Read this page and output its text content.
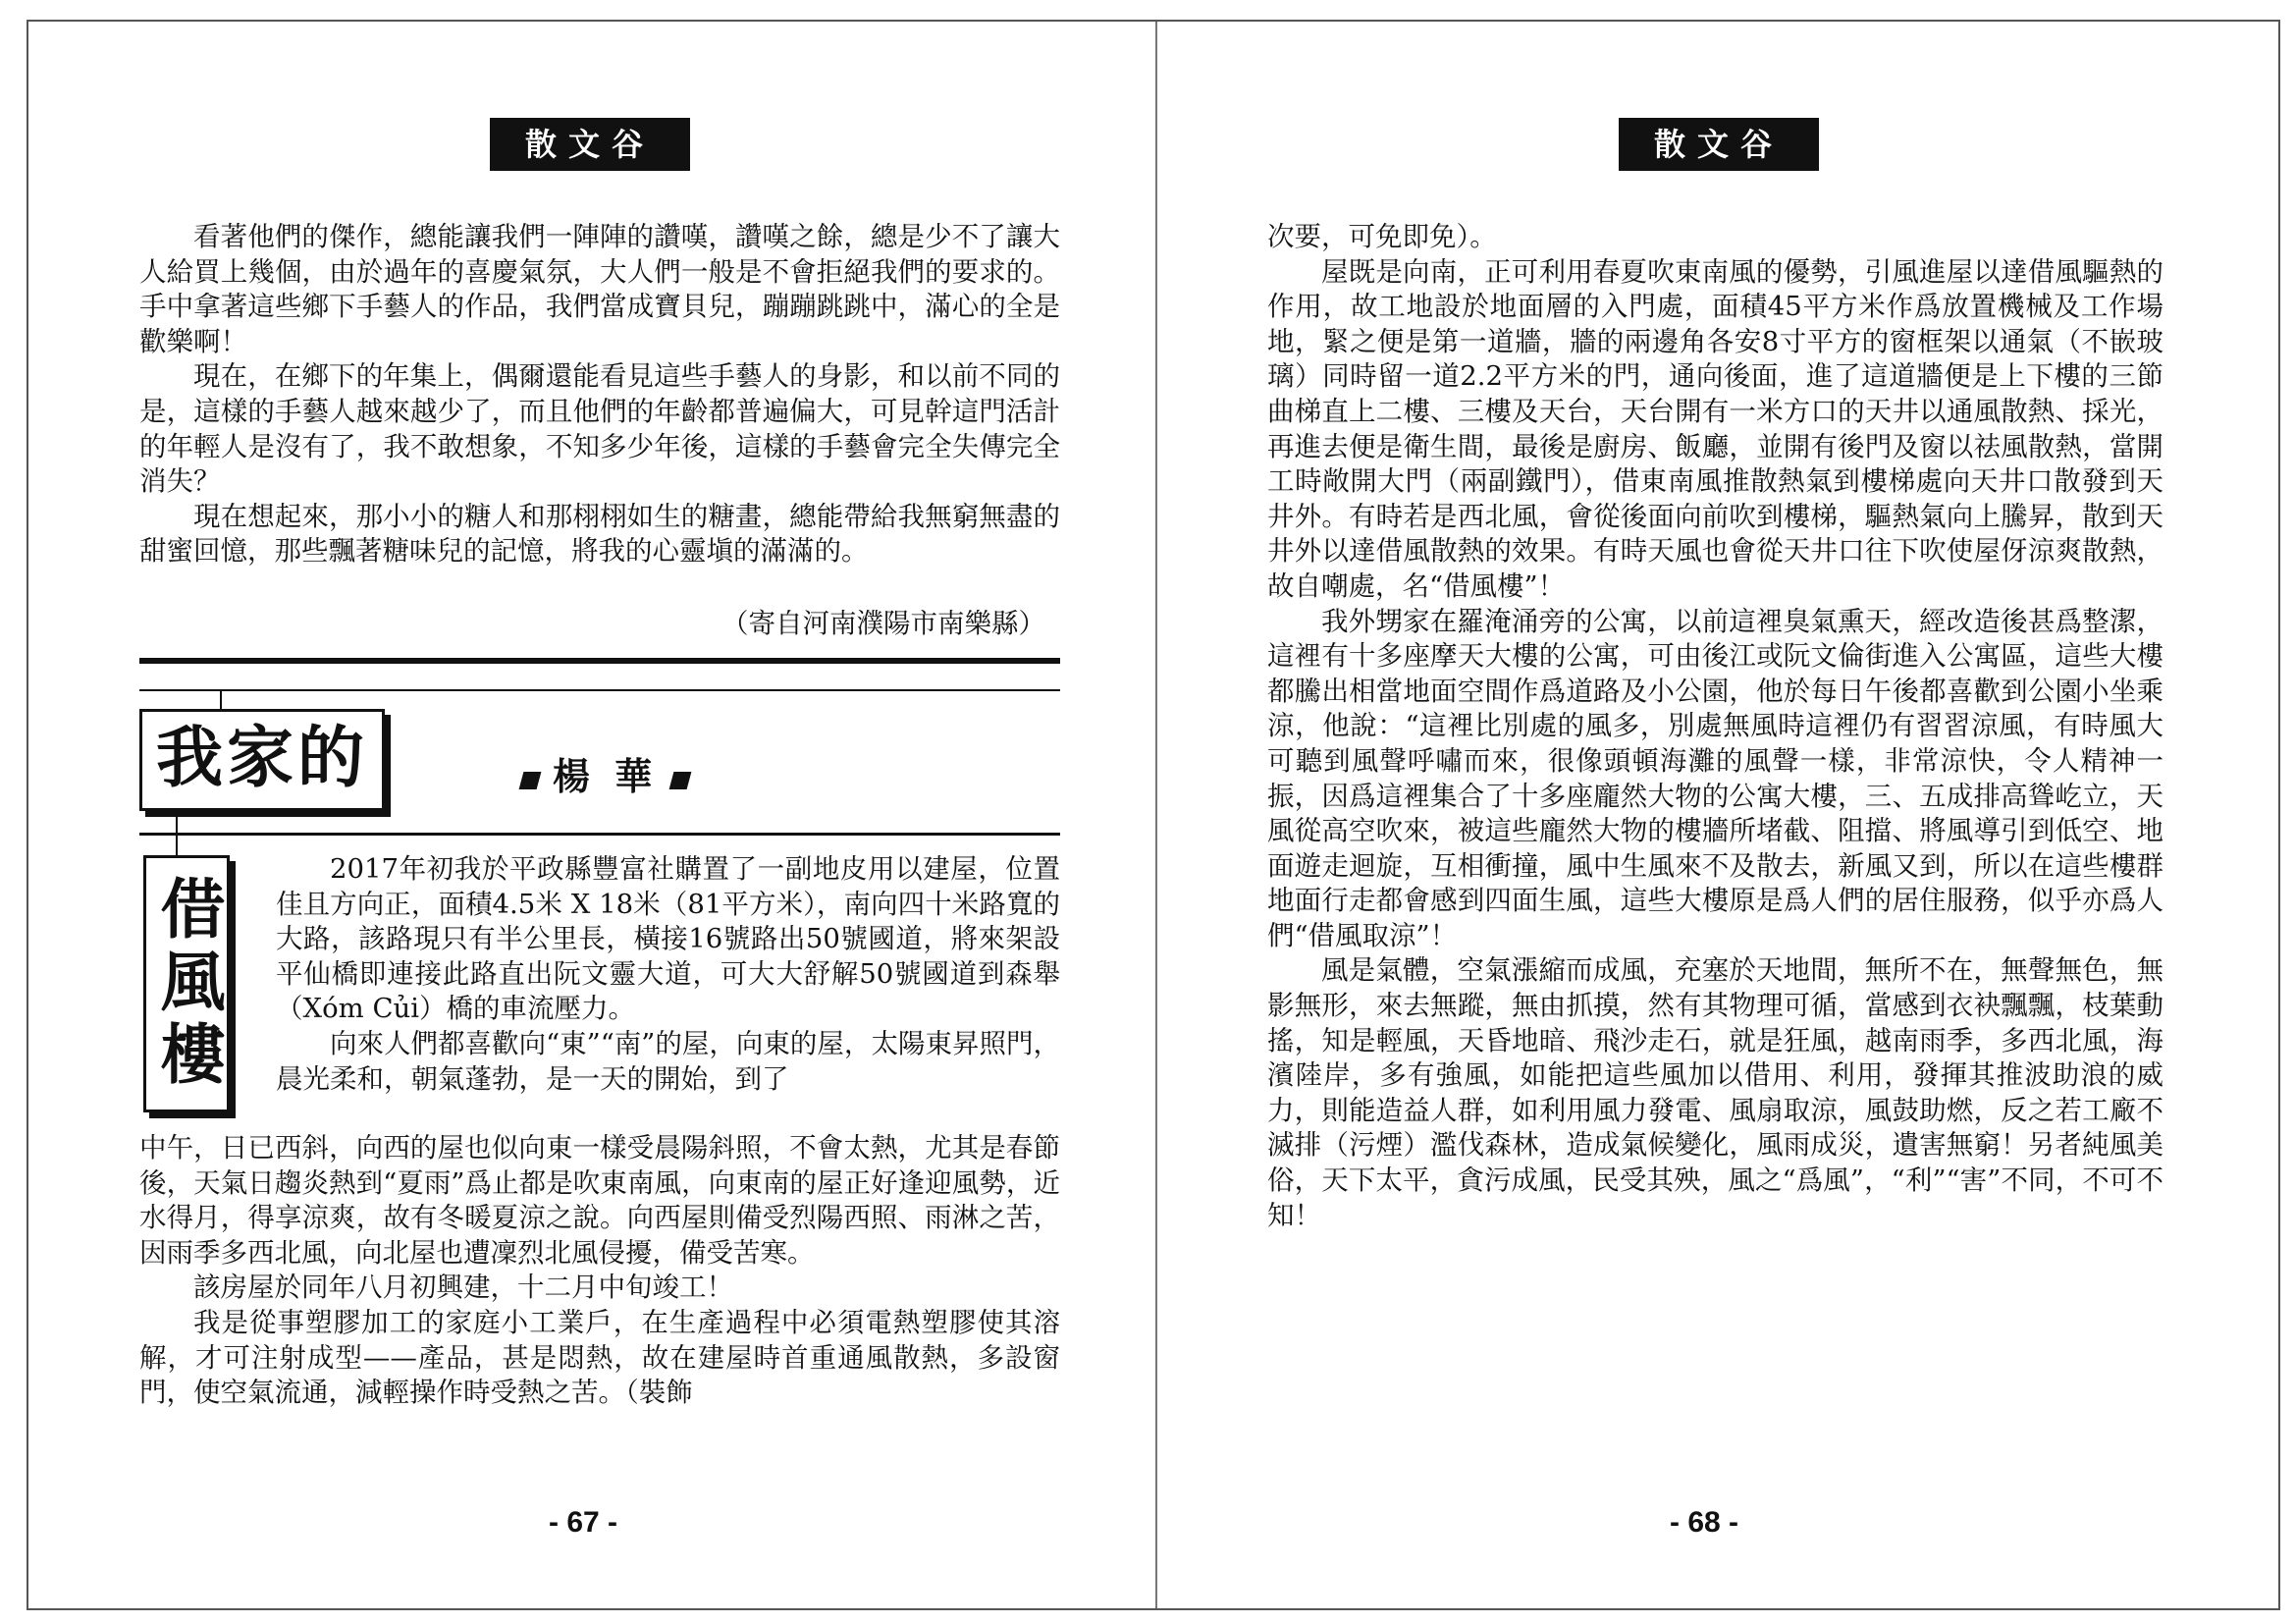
散文谷

看著他們的傑作，總能讓我們一陣陣的讚嘆，讚嘆之餘，總是少不了讓大人給買上幾個，由於過年的喜慶氣氛，大人們一般是不會拒絕我們的要求的。手中拿著這些鄉下手藝人的作品，我們當成寶貝兒，蹦蹦跳跳中，滿心的全是歡樂啊！

現在，在鄉下的年集上，偶爾還能看見這些手藝人的身影，和以前不同的是，這樣的手藝人越來越少了，而且他們的年齡都普遍偏大，可見幹這門活計的年輕人是沒有了，我不敢想象，不知多少年後，這樣的手藝會完全失傳完全消失？

現在想起來，那小小的糖人和那栩栩如生的糖畫，總能帶給我無窮無盡的甜蜜回憶，那些飄著糖味兒的記憶，將我的心靈塡的滿滿的。

（寄自河南濮陽市南樂縣）
我家的	楊 華
借風樓

2017年初我於平政縣豐富社購置了一副地皮用以建屋，位置佳且方向正，面積4.5米 X 18米（81平方米），南向四十米路寬的大路，該路現只有半公里長，橫接16號路出50號國道，將來架設平仙橋即連接此路直出阮文靈大道，可大大舒解50號國道到森舉（Xóm Củi）橋的車流壓力。

向來人們都喜歡向“東”“南”的屋，向東的屋，太陽東昇照門，晨光柔和，朝氣蓬勃，是一天的開始，到了

中午，日已西斜，向西的屋也似向東一樣受晨陽斜照，不會太熱，尤其是春節後，天氣日趨炎熱到“夏雨”爲止都是吹東南風，向東南的屋正好逢迎風勢，近水得月，得享涼爽，故有冬暖夏涼之說。向西屋則備受烈陽西照、雨淋之苦，因雨季多西北風，向北屋也遭凜烈北風侵擾，備受苦寒。

該房屋於同年八月初興建，十二月中旬竣工！

我是從事塑膠加工的家庭小工業戶，在生產過程中必須電熱塑膠使其溶解，才可注射成型——產品，甚是悶熱，故在建屋時首重通風散熱，多設窗門，使空氣流通，減輕操作時受熱之苦。（裝飾

- 67 -
散文谷

次要，可免即免）。

屋既是向南，正可利用春夏吹東南風的優勢，引風進屋以達借風驅熱的作用，故工地設於地面層的入門處，面積45平方米作爲放置機械及工作場地，緊之便是第一道牆，牆的兩邊角各安8寸平方的窗框架以通氣（不嵌玻璃）同時留一道2.2平方米的門，通向後面，進了這道牆便是上下樓的三節曲梯直上二樓、三樓及天台，天台開有一米方口的天井以通風散熱、採光，再進去便是衛生間，最後是廚房、飯廳，並開有後門及窗以祛風散熱，當開工時敞開大門（兩副鐵門），借東南風推散熱氣到樓梯處向天井口散發到天井外。有時若是西北風，會從後面向前吹到樓梯，驅熱氣向上騰昇，散到天井外以達借風散熱的效果。有時天風也會從天井口往下吹使屋伢涼爽散熱，故自嘲處，名“借風樓”！

我外甥家在羅淹涌旁的公寓，以前這裡臭氣熏天，經改造後甚爲整潔，這裡有十多座摩天大樓的公寓，可由後江或阮文倫街進入公寓區，這些大樓都騰出相當地面空間作爲道路及小公園，他於每日午後都喜歡到公園小坐乘涼，他說：“這裡比別處的風多，別處無風時這裡仍有習習涼風，有時風大可聽到風聲呼嘯而來，很像頭頓海灘的風聲一樣，非常涼快，令人精神一振，因爲這裡集合了十多座龐然大物的公寓大樓，三、五成排高聳屹立，天風從高空吹來，被這些龐然大物的樓牆所堵截、阻擋、將風導引到低空、地面遊走迴旋，互相衝撞，風中生風來不及散去，新風又到，所以在這些樓群地面行走都會感到四面生風，這些大樓原是爲人們的居住服務，似乎亦爲人們“借風取涼”！

風是氣體，空氣漲縮而成風，充塞於天地間，無所不在，無聲無色，無影無形，來去無蹤，無由抓摸，然有其物理可循，當感到衣袂飄飄，枝葉動搖，知是輕風，天昏地暗、飛沙走石，就是狂風，越南雨季，多西北風，海濱陸岸，多有強風，如能把這些風加以借用、利用，發揮其推波助浪的威力，則能造益人群，如利用風力發電、風扇取涼，風鼓助燃，反之若工廠不滅排（污煙）濫伐森林，造成氣候變化，風雨成災，遺害無窮！另者純風美俗，天下太平，貪污成風，民受其殃，風之“爲風”，“利”“害”不同，不可不知！

- 68 -
